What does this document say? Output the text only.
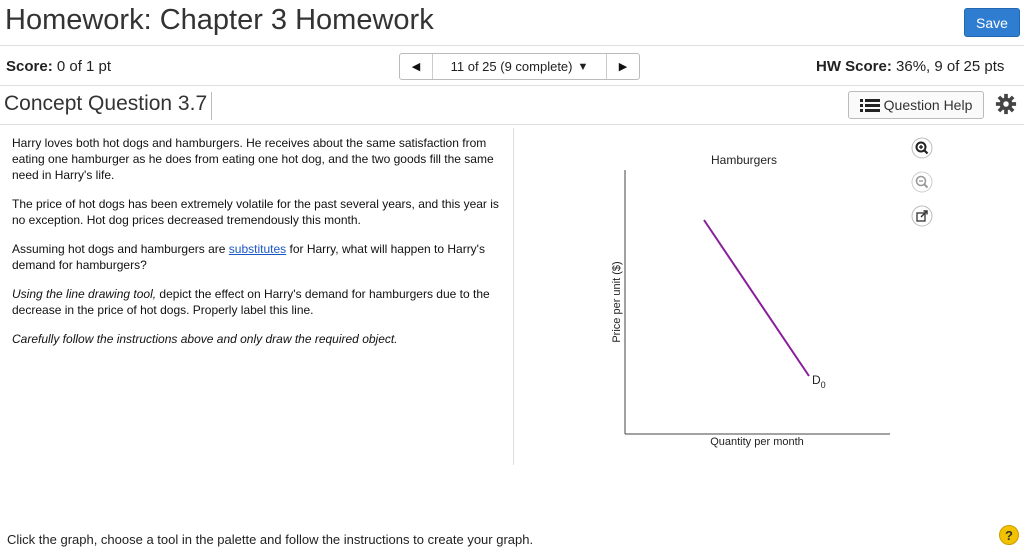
Homework: Chapter 3 Homework	Save
Score: 0 of 1 pt	◀ 11 of 25 (9 complete) ▼	▶	HW Score: 36%, 9 of 25 pts
Concept Question 3.7	Question Help

Harry loves both hot dogs and hamburgers. He receives about the same satisfaction from eating one hamburger as he does from eating one hot dog, and the two goods fill the same need in Harry's life.

The price of hot dogs has been extremely volatile for the past several years, and this year is no exception. Hot dog prices decreased tremendously this month.

Assuming hot dogs and hamburgers are substitutes for Harry, what will happen to Harry's demand for hamburgers?

Using the line drawing tool, depict the effect on Harry's demand for hamburgers due to the decrease in the price of hot dogs. Properly label this line.

Carefully follow the instructions above and only draw the required object.

Hamburgers
Price per unit ($)
Quantity per month
$D_0$
Click the graph, choose a tool in the palette and follow the instructions to create your graph.	?
